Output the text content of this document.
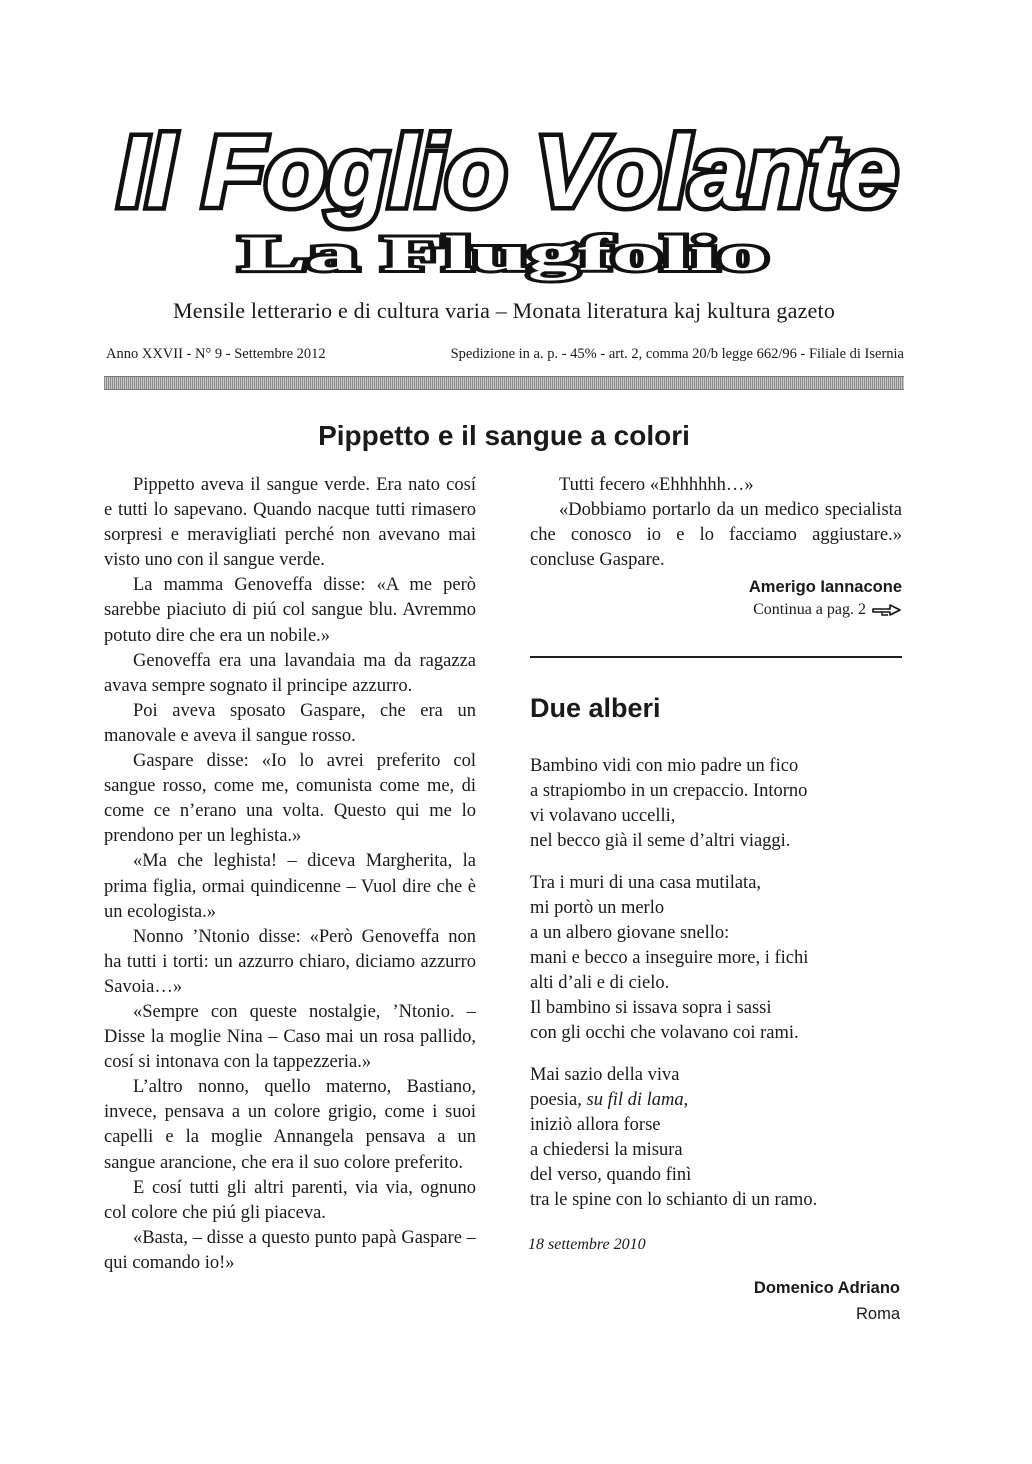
Il Foglio Volante
La Flugfolio
Mensile letterario e di cultura varia – Monata literatura kaj kultura gazeto
Anno XXVII - N° 9 - Settembre 2012	Spedizione in a. p. - 45% - art. 2, comma 20/b legge 662/96 - Filiale di Isernia
Pippetto e il sangue a colori

Pippetto aveva il sangue verde. Era nato cosí e tutti lo sapevano. Quando nacque tutti rimasero sorpresi e meravigliati perché non avevano mai visto uno con il sangue verde.

La mamma Genoveffa disse: «A me però sarebbe piaciuto di piú col sangue blu. Avremmo potuto dire che era un nobile.»

Genoveffa era una lavandaia ma da ragazza avava sempre sognato il principe azzurro.

Poi aveva sposato Gaspare, che era un manovale e aveva il sangue rosso.

Gaspare disse: «Io lo avrei preferito col sangue rosso, come me, comunista come me, di come ce n’erano una volta. Questo qui me lo prendono per un leghista.»

«Ma che leghista! – diceva Margherita, la prima figlia, ormai quindicenne – Vuol dire che è un ecologista.»

Nonno ’Ntonio disse: «Però Genoveffa non ha tutti i torti: un azzurro chiaro, diciamo azzurro Savoia…»

«Sempre con queste nostalgie, ’Ntonio. – Disse la moglie Nina – Caso mai un rosa pallido, cosí si intonava con la tappezzeria.»

L’altro nonno, quello materno, Bastiano, invece, pensava a un colore grigio, come i suoi capelli e la moglie Annangela pensava a un sangue arancione, che era il suo colore preferito.

E cosí tutti gli altri parenti, via via, ognuno col colore che piú gli piaceva.

«Basta, – disse a questo punto papà Gaspare – qui comando io!»

Tutti fecero «Ehhhhhh…»

«Dobbiamo portarlo da un medico specialista che conosco io e lo facciamo aggiustare.» concluse Gaspare.

Amerigo Iannacone
Continua a pag. 2
Due alberi
Bambino vidi con mio padre un fico
a strapiombo in un crepaccio. Intorno
vi volavano uccelli,
nel becco già il seme d’altri viaggi.
Tra i muri di una casa mutilata,
mi portò un merlo
a un albero giovane snello:
mani e becco a inseguire more, i fichi
alti d’ali e di cielo.
Il bambino si issava sopra i sassi
con gli occhi che volavano coi rami.
Mai sazio della viva
poesia, su fil di lama,
iniziò allora forse
a chiedersi la misura
del verso, quando finì
tra le spine con lo schianto di un ramo.
18 settembre 2010
Domenico Adriano
Roma
